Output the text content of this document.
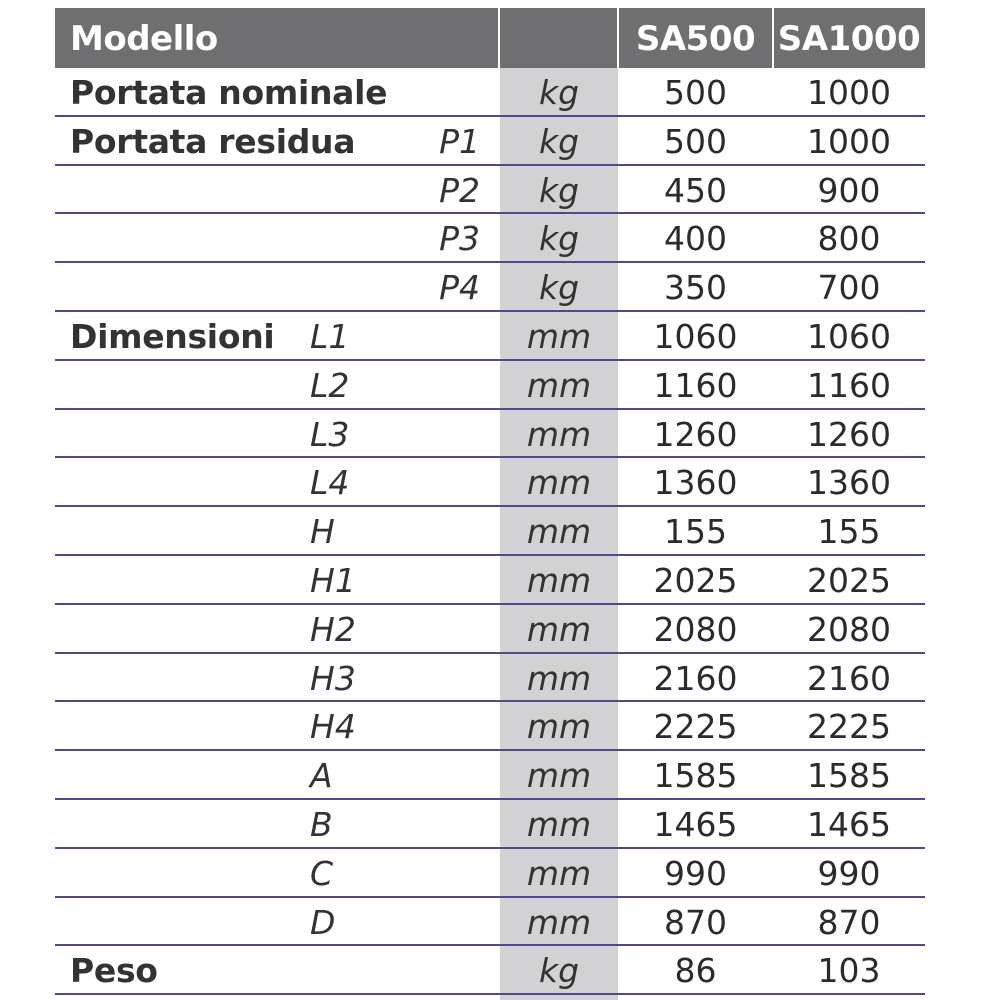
Modello	SA500 SA1000
Portata nominale	kg	500	1000
Portata residua	P1	kg	500	1000
P2	kg	450	900
P3	kg	400	800
P4	kg	350	700
Dimensioni L1	mm	1060	1060
L2	mm	1160	1160
L3	mm	1260	1260
L4	mm	1360	1360
H	mm	155	155
H1	mm	2025	2025
H2	mm	2080	2080
H3	mm	2160	2160
H4	mm	2225	2225
A	mm	1585	1585
B	mm	1465	1465
C	mm	990	990
D	mm	870	870
Peso	kg	86	103
